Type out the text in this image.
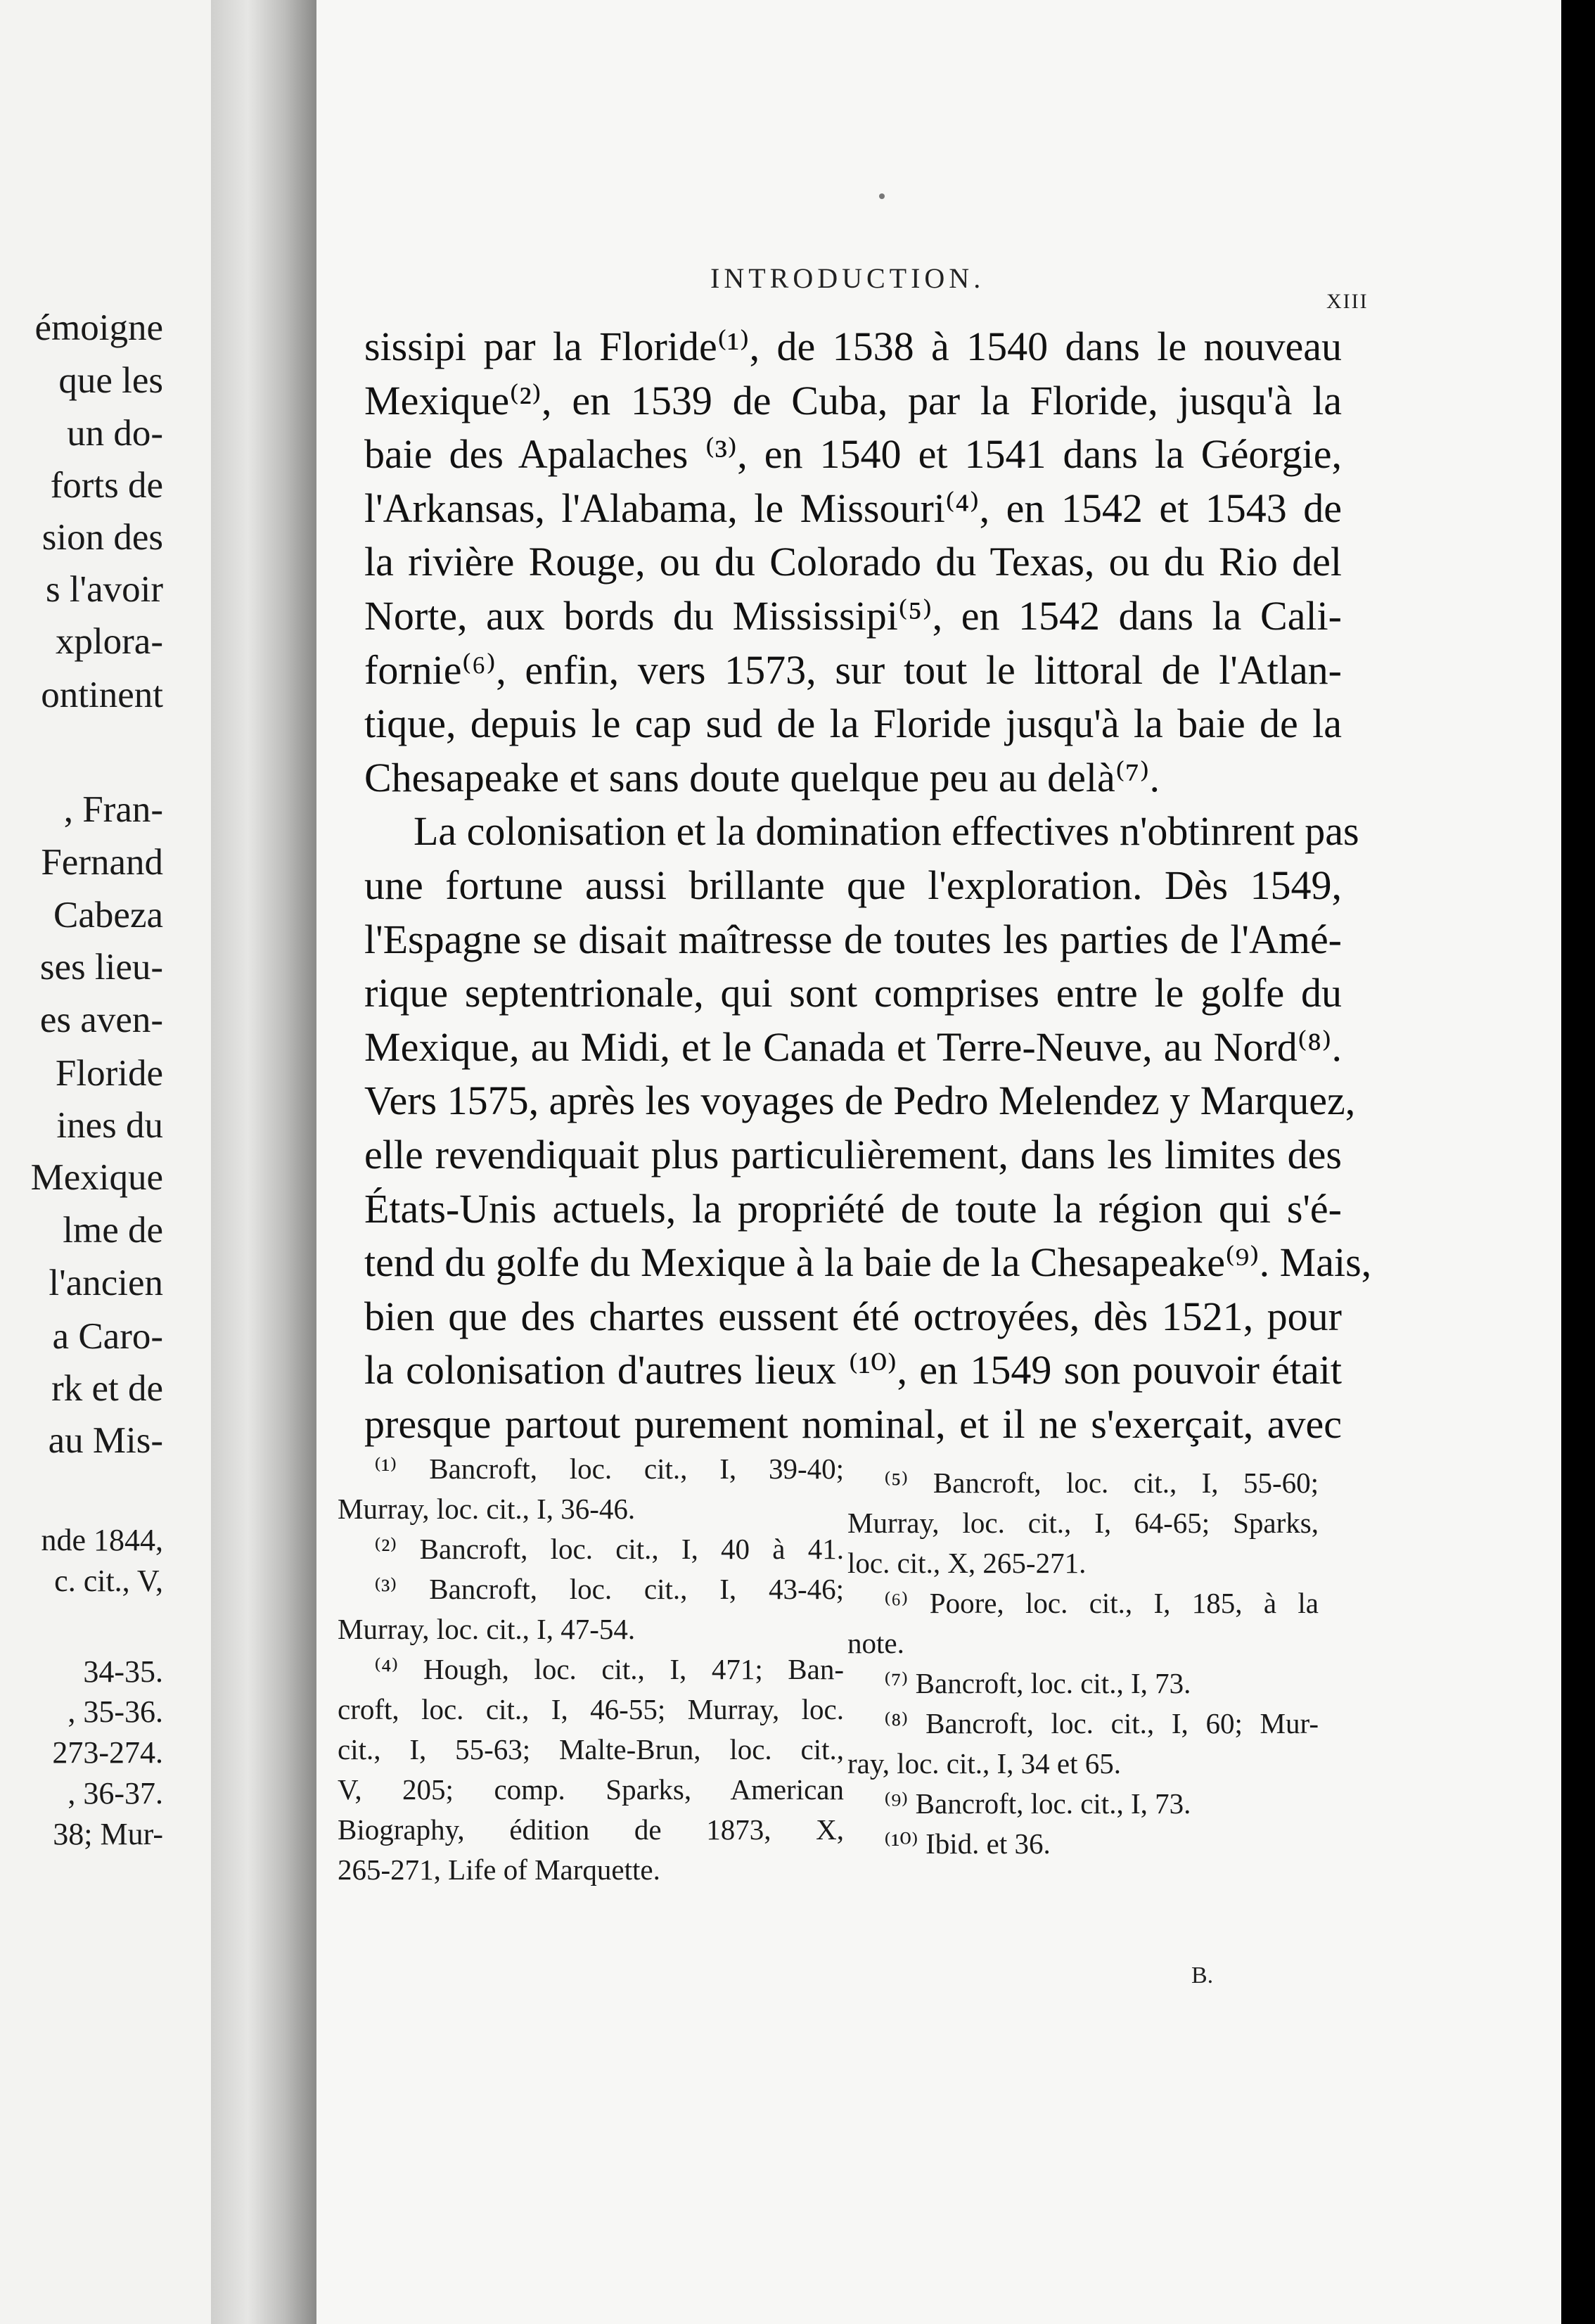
émoigne
que les
un do-
forts de
sion des
s l'avoir
xplora-
ontinent
, Fran-
Fernand
Cabeza
ses lieu-
es aven-
Floride
ines du
Mexique
lme de
l'ancien
a Caro-
rk et de
au Mis-
nde 1844,
c. cit., V,
34-35.
, 35-36.
273-274.
, 36-37.
38; Mur-
INTRODUCTION.
XIII
sissipi par la Floride⁽¹⁾, de 1538 à 1540 dans le nouveau
Mexique⁽²⁾, en 1539 de Cuba, par la Floride, jusqu'à la
baie des Apalaches ⁽³⁾, en 1540 et 1541 dans la Géorgie,
l'Arkansas, l'Alabama, le Missouri⁽⁴⁾, en 1542 et 1543 de
la rivière Rouge, ou du Colorado du Texas, ou du Rio del
Norte, aux bords du Mississipi⁽⁵⁾, en 1542 dans la Cali-
fornie⁽⁶⁾, enfin, vers 1573, sur tout le littoral de l'Atlan-
tique, depuis le cap sud de la Floride jusqu'à la baie de la
Chesapeake et sans doute quelque peu au delà⁽⁷⁾.
La colonisation et la domination effectives n'obtinrent pas
une fortune aussi brillante que l'exploration. Dès 1549,
l'Espagne se disait maîtresse de toutes les parties de l'Amé-
rique septentrionale, qui sont comprises entre le golfe du
Mexique, au Midi, et le Canada et Terre-Neuve, au Nord⁽⁸⁾.
Vers 1575, après les voyages de Pedro Melendez y Marquez,
elle revendiquait plus particulièrement, dans les limites des
États-Unis actuels, la propriété de toute la région qui s'é-
tend du golfe du Mexique à la baie de la Chesapeake⁽⁹⁾. Mais,
bien que des chartes eussent été octroyées, dès 1521, pour
la colonisation d'autres lieux ⁽¹⁰⁾, en 1549 son pouvoir était
presque partout purement nominal, et il ne s'exerçait, avec
⁽¹⁾ Bancroft, loc. cit., I, 39-40;
Murray, loc. cit., I, 36-46.
⁽²⁾ Bancroft, loc. cit., I, 40 à 41.
⁽³⁾ Bancroft, loc. cit., I, 43-46;
Murray, loc. cit., I, 47-54.
⁽⁴⁾ Hough, loc. cit., I, 471; Ban-
croft, loc. cit., I, 46-55; Murray, loc.
cit., I, 55-63; Malte-Brun, loc. cit.,
V, 205; comp. Sparks, American
Biography, édition de 1873, X,
265-271, Life of Marquette.
⁽⁵⁾ Bancroft, loc. cit., I, 55-60;
Murray, loc. cit., I, 64-65; Sparks,
loc. cit., X, 265-271.
⁽⁶⁾ Poore, loc. cit., I, 185, à la
note.
⁽⁷⁾ Bancroft, loc. cit., I, 73.
⁽⁸⁾ Bancroft, loc. cit., I, 60; Mur-
ray, loc. cit., I, 34 et 65.
⁽⁹⁾ Bancroft, loc. cit., I, 73.
⁽¹⁰⁾ Ibid. et 36.
B.
